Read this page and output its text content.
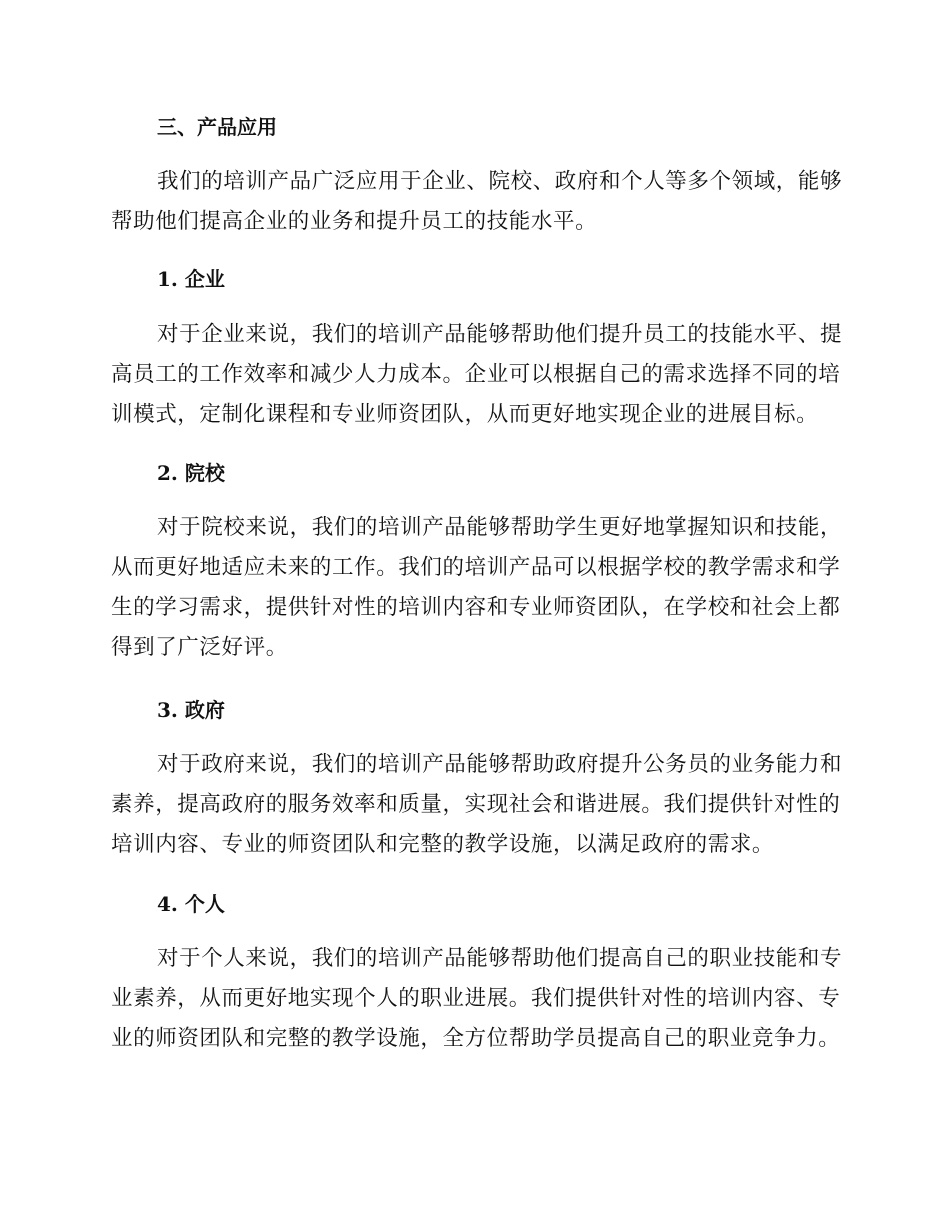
三、产品应用
我们的培训产品广泛应用于企业、院校、政府和个人等多个领域，能够
帮助他们提高企业的业务和提升员工的技能水平。
1. 企业
对于企业来说，我们的培训产品能够帮助他们提升员工的技能水平、提
高员工的工作效率和减少人力成本。企业可以根据自己的需求选择不同的培
训模式，定制化课程和专业师资团队，从而更好地实现企业的进展目标。
2. 院校
对于院校来说，我们的培训产品能够帮助学生更好地掌握知识和技能，
从而更好地适应未来的工作。我们的培训产品可以根据学校的教学需求和学
生的学习需求，提供针对性的培训内容和专业师资团队，在学校和社会上都
得到了广泛好评。
3. 政府
对于政府来说，我们的培训产品能够帮助政府提升公务员的业务能力和
素养，提高政府的服务效率和质量，实现社会和谐进展。我们提供针对性的
培训内容、专业的师资团队和完整的教学设施，以满足政府的需求。
4. 个人
对于个人来说，我们的培训产品能够帮助他们提高自己的职业技能和专
业素养，从而更好地实现个人的职业进展。我们提供针对性的培训内容、专
业的师资团队和完整的教学设施，全方位帮助学员提高自己的职业竞争力。
